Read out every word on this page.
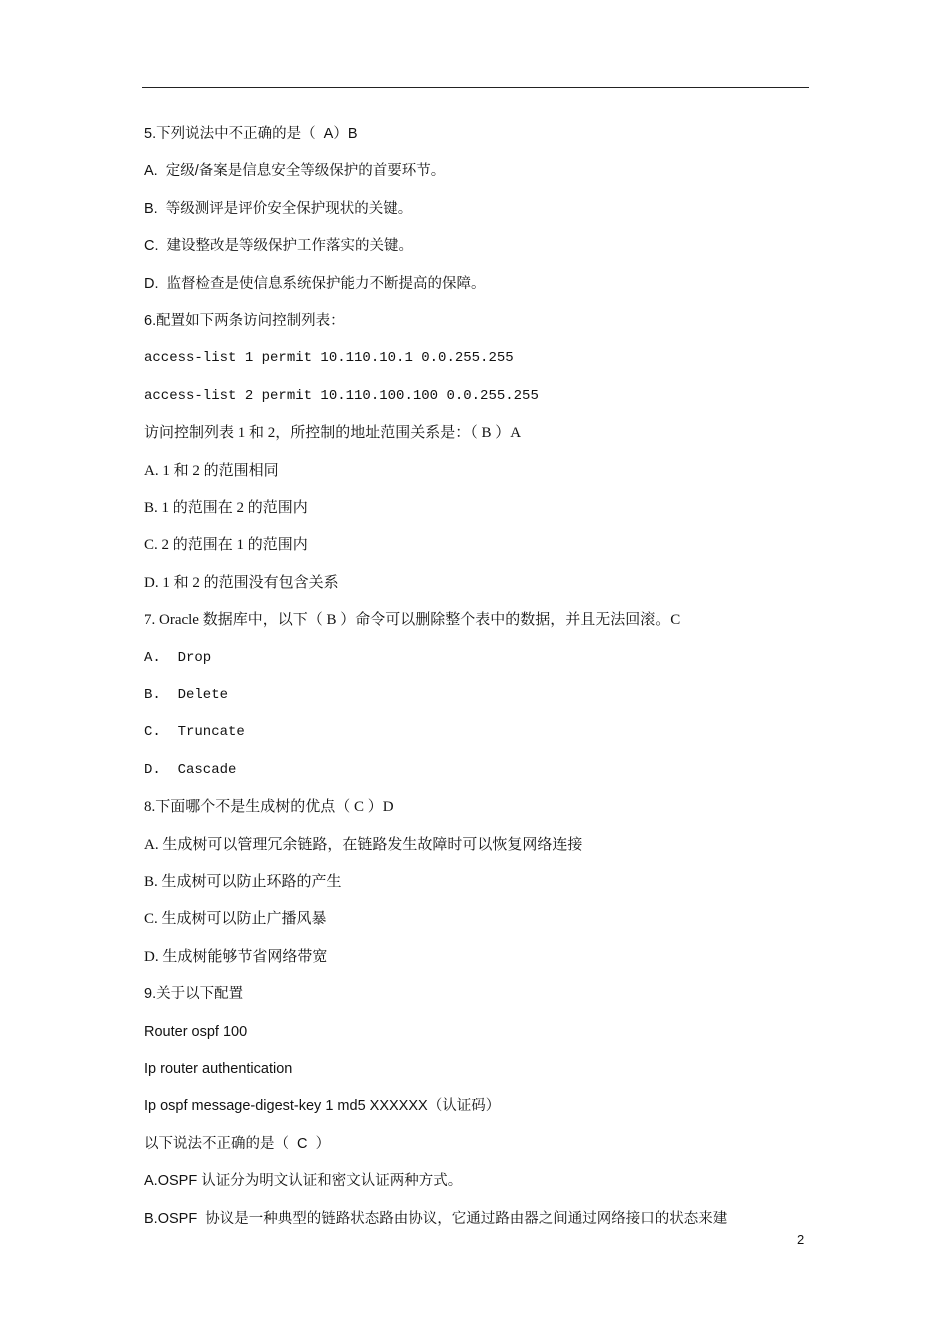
5.下列说法中不正确的是（  A）B
A.  定级/备案是信息安全等级保护的首要环节。
B.  等级测评是评价安全保护现状的关键。
C.  建设整改是等级保护工作落实的关键。
D.  监督检查是使信息系统保护能力不断提高的保障。
6.配置如下两条访问控制列表：
access-list 1 permit 10.110.10.1 0.0.255.255
access-list 2 permit 10.110.100.100 0.0.255.255
访问控制列表 1 和 2，所控制的地址范围关系是：（ B ）A
A. 1 和 2 的范围相同
B. 1 的范围在 2 的范围内
C. 2 的范围在 1 的范围内
D. 1 和 2 的范围没有包含关系
7. Oracle 数据库中，以下（ B ）命令可以删除整个表中的数据，并且无法回滚。C
A.  Drop
B.  Delete
C.  Truncate
D.  Cascade
8.下面哪个不是生成树的优点（ C ）D
A. 生成树可以管理冗余链路，在链路发生故障时可以恢复网络连接
B. 生成树可以防止环路的产生
C. 生成树可以防止广播风暴
D. 生成树能够节省网络带宽
9.关于以下配置
Router ospf 100
Ip router authentication
Ip ospf message-digest-key 1 md5 XXXXXX（认证码）
以下说法不正确的是（  C  ）
A.OSPF 认证分为明文认证和密文认证两种方式。
B.OSPF  协议是一种典型的链路状态路由协议，它通过路由器之间通过网络接口的状态来建
2
